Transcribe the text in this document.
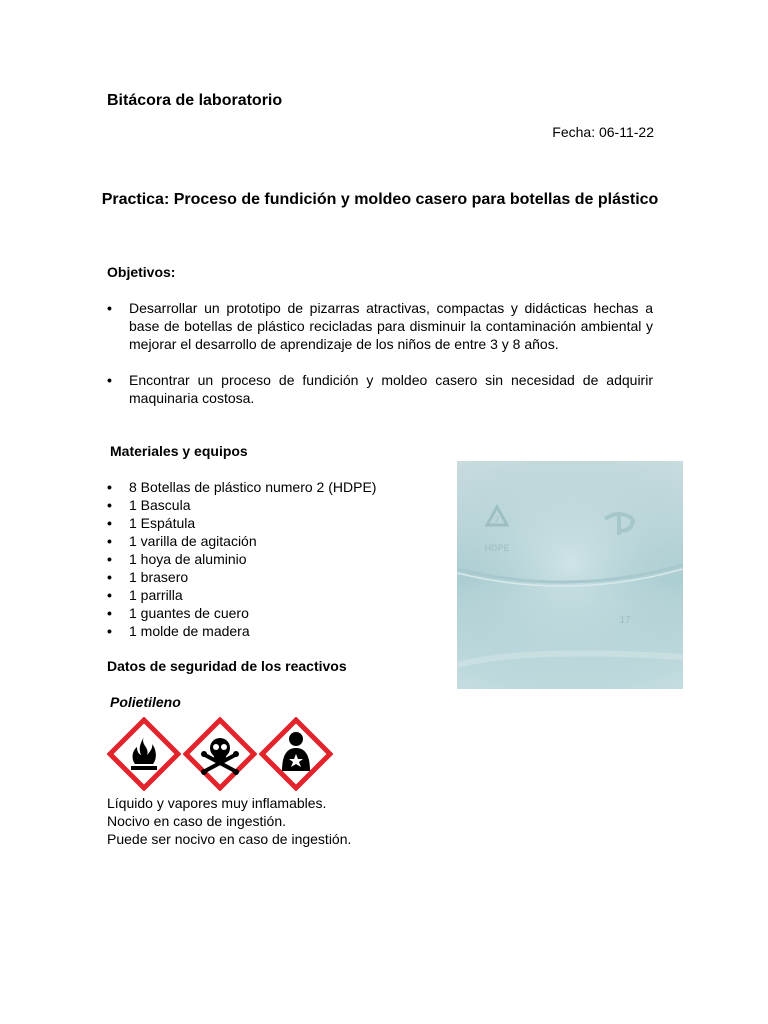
Bitácora de laboratorio
Fecha: 06-11-22
Practica: Proceso de fundición y moldeo casero para botellas de plástico
Objetivos:
• Desarrollar un prototipo de pizarras atractivas, compactas y didácticas hechas a base de botellas de plástico recicladas para disminuir la contaminación ambiental y mejorar el desarrollo de aprendizaje de los niños de entre 3 y 8 años.
• Encontrar un proceso de fundición y moldeo casero sin necesidad de adquirir maquinaria costosa.
Materiales y equipos
• 8 Botellas de plástico numero 2 (HDPE)
• 1 Bascula
• 1 Espátula
• 1 varilla de agitación
• 1 hoya de aluminio
• 1 brasero
• 1 parrilla
• 1 guantes de cuero
• 1 molde de madera
2
HDPE
17
Datos de seguridad de los reactivos
Polietileno
Líquido y vapores muy inflamables.
Nocivo en caso de ingestión.
Puede ser nocivo en caso de ingestión.
